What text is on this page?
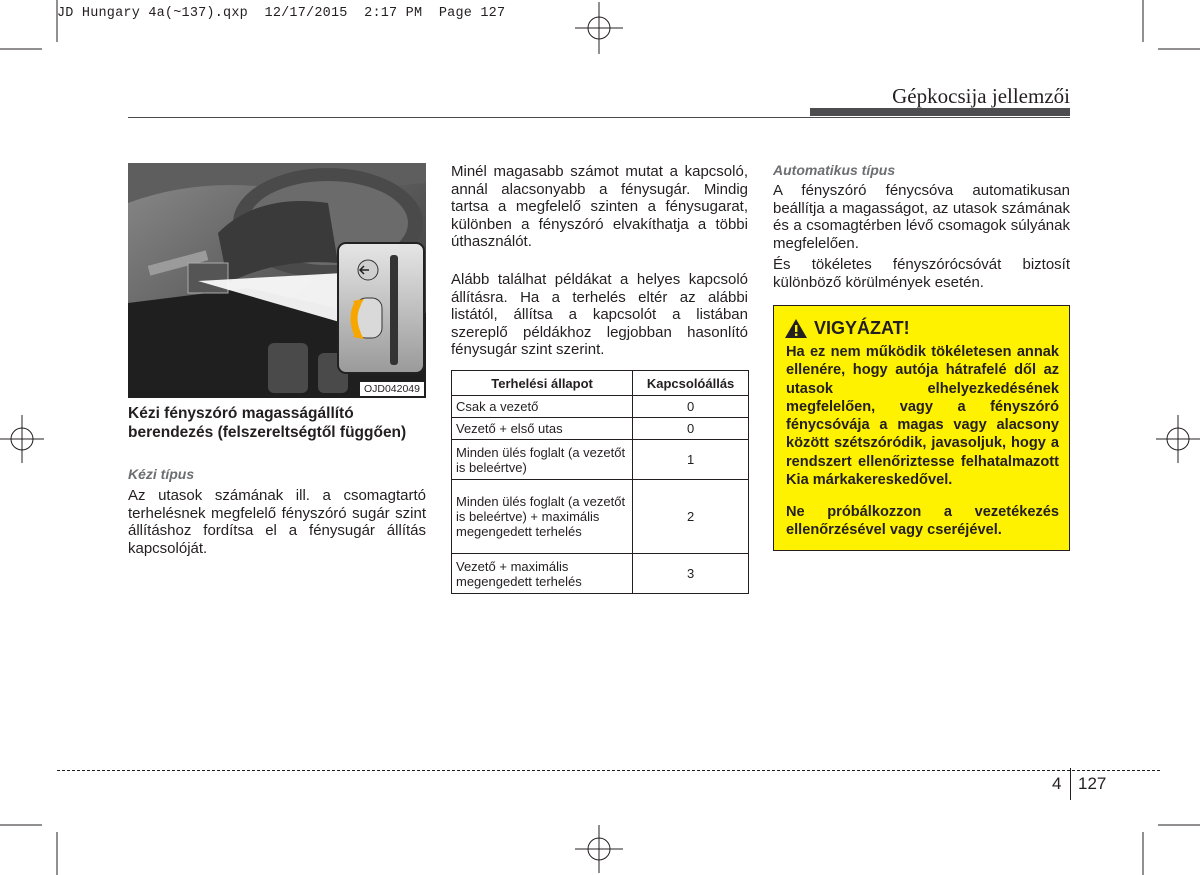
JD Hungary 4a(~137).qxp  12/17/2015  2:17 PM  Page 127
Gépkocsija jellemzői
OJD042049
Kézi fényszóró magasságállító berendezés (felszereltségtől függően)
Kézi típus
Az utasok számának ill. a csomagtartó terhelésnek megfelelő fényszóró sugár szint állításhoz fordítsa el a fénysugár állítás kapcsolóját.
Minél magasabb számot mutat a kapcsoló, annál alacsonyabb a fénysugár. Mindig tartsa a megfelelő szinten a fénysugarat, különben a fényszóró elvakíthatja a többi úthasználót.
Alább találhat példákat a helyes kapcsoló állításra. Ha a terhelés eltér az alábbi listától, állítsa a kapcsolót a listában szereplő példákhoz legjobban hasonlító fénysugár szint szerint.
Terhelési állapot	Kapcsolóállás
Csak a vezető	0
Vezető + első utas	0
Minden ülés foglalt (a vezetőt is beleértve)	1
Minden ülés foglalt (a vezetőt is beleértve) + maximális megengedett terhelés	2
Vezető + maximális megengedett terhelés	3
Automatikus típus
A fényszóró fénycsóva automatikusan beállítja a magasságot, az utasok számának és a csomagtérben lévő csomagok súlyának megfelelően.
És tökéletes fényszórócsóvát biztosít különböző körülmények esetén.
VIGYÁZAT!
Ha ez nem működik tökéletesen annak ellenére, hogy autója hátrafelé dől az utasok elhelyezkedésének megfelelően, vagy a fényszóró fénycsóvája a magas vagy alacsony között szétszóródik, javasoljuk, hogy a rendszert ellenőriztesse felhatalmazott Kia márkakereskedővel.
Ne próbálkozzon a vezetékezés ellenőrzésével vagy cseréjével.
4 127
